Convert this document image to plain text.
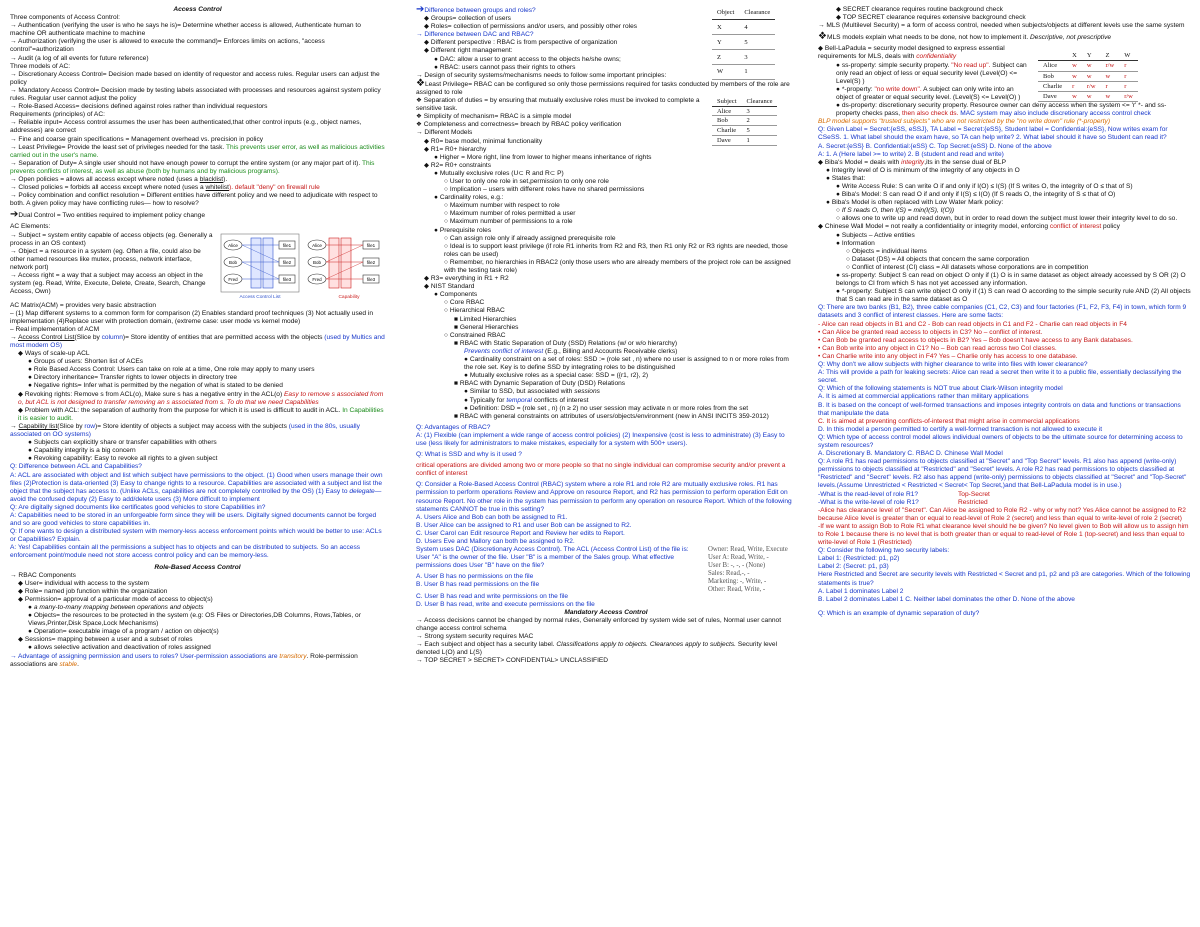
Access Control

Three components of Access Control:

→ Authentication (verifying the user is who he says he is)= Determine whether access is allowed, Authenticate human to machine OR authenticate machine to machine

→ Authorization (verifying the user is allowed to execute the command)= Enforces limits on actions, "access control"=authorization

→ Audit (a log of all events for future reference)

Three models of AC:

→ Discretionary Access Control= Decision made based on identity of requestor and access rules. Regular users can adjust the policy

→ Mandatory Access Control= Decision made by testing labels associated with processes and resources against system policy rules. Regular user cannot adjust the policy

→ Role-Based Access= decisions defined against roles rather than individual requestors

Requirements (principles) of AC:

→ Reliable input= Access control assumes the user has been authenticated,that other control inputs (e.g., object names, addresses) are correct

→ Fine and coarse grain specifications = Management overhead vs. precision in policy

→ Least Privilege= Provide the least set of privileges needed for the task. This prevents user error, as well as malicious activities carried out in the user's name.

→ Separation of Duty= A single user should not have enough power to corrupt the entire system (or any major part of it). This prevents conflicts of interest, as well as abuse (both by humans and by malicious programs).

→ Open policies = allows all access except where noted (uses a blacklist).

→ Closed policies = forbids all access except where noted (uses a whitelist). default "deny" on firewall rule

→ Policy combination and conflict resolution = Different entities have different policy and we need to adjudicate with respect to both. A given policy may have conflicting rules— how to resolve?

➔Dual Control = Two entities required to implement policy change

AC Elements:

→ Subject = system entity capable of access objects (eg. Generally a process in an OS context)

→ Object = a resource in a system (eg. Often a file, could also be other named resources like mutex, process, network interface, network port)

→ Access right = a way that a subject may access an object in the system (eg. Read, Write, Execute, Delete, Create, Search, Change Access, Own)

Alice
Bob
Fred
file1
file2
file3
Access Control List
Alice
Bob
Fred
file1
file2
file3
Capability

AC Matrix(ACM) = provides very basic abstraction

– (1) Map different systems to a common form for comparison (2) Enables standard proof techniques (3) Not actually used in implementation (4)Replace user with protection domain, (extreme case: user mode vs kernel mode)

– Real implementation of ACM

→ Access Control List(Slice by column)= Store identity of entities that are permitted access with the objects (used by Multics and most modern OS)

◆ Ways of scale-up ACL

● Groups of users: Shorten list of ACEs

● Role Based Access Control: Users can take on role at a time, One role may apply to many users

● Directory inheritance= Transfer rights to lower objects in directory tree

● Negative rights= Infer what is permitted by the negation of what is stated to be denied

◆ Revoking rights: Remove s from ACL(o), Make sure s has a negative entry in the ACL(o) Easy to remove s associated from o, but ACL is not designed to transfer removing an s associated from s. To do that we need Capabilities

◆ Problem with ACL: the separation of authority from the purpose for which it is used is difficult to audit in ACL. In Capabilities it is easier to audit.

→ Capability list(Slice by row)= Store identity of objects a subject may access with the subjects (used in the 80s, usually associated on OO systems)

● Subjects can explicitly share or transfer capabilities with others

● Capability integrity is a big concern

● Revoking capability: Easy to revoke all rights to a given subject

Q: Difference between ACL and Capabilities?

A: ACL are associated with object and list which subject have permissions to the object. (1) Good when users manage their own files (2)Protection is data-oriented (3) Easy to change rights to a resource. Capabilities are associated with a subject and list the object that the subject has access to. (Unlike ACLs, capabilities are not completely controlled by the OS) (1) Easy to delegate—avoid the confused deputy (2) Easy to add/delete users (3) More difficult to implement

Q: Are digitally signed documents like certificates good vehicles to store Capabilities in?

A: Capabilities need to be stored in an unforgeable form since they will be users. Digitally signed documents cannot be forged and so are good vehicles to store capabilities in.

Q: If one wants to design a distributed system with memory-less access enforcement points which would be better to use: ACLs or Capabilities? Explain.

A: Yes! Capabilities contain all the permissions a subject has to objects and can be distributed to subjects. So an access enforcement point/module need not store access control policy and can be memory-less.

Role-Based Access Control

→ RBAC Components

◆ User= individual with access to the system

◆ Role= named job function within the organization

◆ Permission= approval of a particular mode of access to object(s)

● a many-to-many mapping between operations and objects

● Objects= the resources to be protected in the system (e.g: OS Files or Directories,DB Columns, Rows,Tables, or Views,Printer,Disk Space,Lock Mechanisms)

● Operation= executable image of a program / action on object(s)

◆ Sessions= mapping between a user and a subset of roles

● allows selective activation and deactivation of roles assigned

→ Advantage of assigning permission and users to roles? User-permission associations are transitory. Role-permission associations are stable.

➔Difference between groups and roles?

◆ Groups= collection of users

◆ Roles= collection of permissions and/or users, and possibly other roles

→ Difference between DAC and RBAC?

◆ Different perspective : RBAC is from perspective of organization

◆ Different right management:

● DAC: allow a user to grant access to the objects he/she owns;

● RBAC: users cannot pass their rights to others

→ Design of security systems/mechanisms needs to follow some important principles:

Object	Clearance
X	4
Y	5
Z	3
W	1

❖Least Privilege= RBAC can be configured so only those permissions required for tasks conducted by members of the role are assigned to role

❖ Separation of duties = by ensuring that mutually exclusive roles must be invoked to complete a sensitive task.

❖ Simplicity of mechanism= RBAC is a simple model

❖ Completeness and correctness= breach by RBAC policy verification

→ Different Models

◆ R0= base model, minimal functionality

Subject	Clearance
Alice	3
Bob	2
Charlie	5
Dave	1

◆ R1= R0+ hierarchy

● Higher = More right, line from lower to higher means inheritance of rights

◆ R2= R0+ constraints

● Mutually exclusive roles (U⊂ R and R⊂ P)

○ User to only one role in set,permission to only one role

○ Implication – users with different roles have no shared permissions

● Cardinality roles, e.g.:

○ Maximum number with respect to role

○ Maximum number of roles permitted a user

○ Maximum number of permissions to a role

● Prerequisite roles

○ Can assign role only if already assigned prerequisite role

○ Ideal is to support least privilege (if role R1 inherits from R2 and R3, then R1 only R2 or R3 rights are needed, those roles can be used)

○ Remember, no hierarchies in RBAC2 (only those users who are already members of the project role can be assigned with the testing task role)

◆ R3= everything in R1 + R2

◆ NIST Standard

● Components

○ Core RBAC

○ Hierarchical RBAC

■ Limited Hierarchies

■ General Hierarchies

○ Constrained RBAC

■ RBAC with Static Separation of Duty (SSD) Relations (w/ or w/o hierarchy)

Prevents conflict of interest (E.g., Billing and Accounts Receivable clerks)

● Cardinality constraint on a set of roles: SSD := (role set , n) where no user is assigned to n or more roles from the role set. Key is to define SSD by integrating roles to be distinguished

● Mutually exclusive roles as a special case: SSD = ({r1, r2}, 2)

■ RBAC with Dynamic Separation of Duty (DSD) Relations

● Similar to SSD, but associated with sessions

● Typically for temporal conflicts of interest

● Definition: DSD = (role set , n) (n ≥ 2) no user session may activate n or more roles from the set

■ RBAC with general constraints on attributes of users/objects/environment (new in ANSI INCITS 359-2012)

Q: Advantages of RBAC?

A: (1) Flexible (can implement a wide range of access control policies) (2) Inexpensive (cost is less to administrate) (3) Easy to use (less likely for administrators to make mistakes, especially for a system with 500+ users).

Q: What is SSD and why is it used ?

critical operations are divided among two or more people so that no single individual can compromise security and/or prevent a conflict of interest

Q: Consider a Role-Based Access Control (RBAC) system where a role R1 and role R2 are mutually exclusive roles. R1 has permission to perform operations Review and Approve on resource Report, and R2 has permission to perform operation Edit on resource Report. No other role in the system has permission to perform any operation on resource Report. Which of the following statements CANNOT be true in this setting?

A. Users Alice and Bob can both be assigned to R1.

B. User Alice can be assigned to R1 and user Bob can be assigned to R2.

C. User Carol can Edit resource Report and Review her edits to Report.

D. Users Eve and Mallory can both be assigned to R2.

System uses DAC (Discretionary Access Control). The ACL (Access Control List) of the file is: User "A" is the owner of the file. User "B" is a member of the Sales group. What effective permissions does User "B" have on the file?

A. User B has no permissions on the file

B. User B has read permissions on the file

C. User B has read and write permissions on the file

D. User B has read, write and execute permissions on the file

Owner: Read, Write, Execute

User A: Read, Write, -

User B: -, -, - (None)

Sales: Read,-, -

Marketing: -, Write, -

Other: Read, Write, -

Mandatory Access Control

→ Access decisions cannot be changed by normal rules, Generally enforced by system wide set of rules, Normal user cannot change access control schema

→ Strong system security requires MAC

→ Each subject and object has a security label. Classifications apply to objects. Clearances apply to subjects. Security level denoted L(O) and L(S)

→ TOP SECRET > SECRET> CONFIDENTIAL> UNCLASSIFIED

◆ SECRET clearance requires routine background check

◆ TOP SECRET clearance requires extensive background check

→ MLS (Multilevel Security) = a form of access control, needed when subjects/objects at different levels use the same system

❖MLS models explain what needs to be done, not how to implement it. Descriptive, not prescriptive

◆ Bell-LaPadula = security model designed to express essential requirements for MLS, deals with confidentiality

● ss-property: simple security property. "No read up". Subject can only read an object of less or equal security level (Level(O) <= Level(S) )

● *-property: "no write down". A subject can only write into an object of greater or equal security level. (Level(S) <= Level(O) )

	X	Y	Z	W
Alice	w	w	r/w	r
Bob	w	w	w	r
Charlie	r	r/w	r	r
Dave	w	w	w	r/w

● ds-property: discretionary security property. Resource owner can deny access when the system <= 'r' *- and ss- property checks pass, then also check ds. MAC system may also include discretionary access control check

BLP model supports "trusted subjects" who are not restricted by the "no write down" rule (*-property)

Q: Given Label = Secret:{eSS, eSSJ}, TA Label = Secret:{eSS}, Student label = Confidential:{eSS}, Now writes exam for CSeSS. 1. What label should the exam have, so TA can help write? 2. What label should it have so Student can read it?

A. Secret:{eSS} B. Confidential:{eSS} C. Top Secret:{eSS} D. None of the above

A: 1. A (Here label >= to write) 2. B (student and read and write)

◆ Biba's Model = deals with integrity,its in the sense dual of BLP

● Integrity level of O is minimum of the integrity of any objects in O

● States that:

● Write Access Rule: S can write O if and only if I(O) ≤ I(S) (If S writes O, the integrity of O ≤ that of S)

● Biba's Model: S can read O if and only if I(S) ≤ I(O) (If S reads O, the integrity of S ≤ that of O)

● Biba's Model is often replaced with Low Water Mark policy:

○ If S reads O, then I(S) = min(I(S), I(O))

○ allows one to write up and read down, but in order to read down the subject must lower their integrity level to do so.

◆ Chinese Wall Model = not really a confidentiality or integrity model, enforcing conflict of interest policy

● Subjects – Active entities

● Information

○ Objects = individual items

○ Dataset (DS) = All objects that concern the same corporation

○ Conflict of interest (CI) class = All datasets whose corporations are in competition

● ss-property: Subject S can read on object O only if (1) O is in same dataset as object already accessed by S OR (2) O belongs to CI from which S has not yet accessed any information.

● *-property: Subject S can write object O only if (1) S can read O according to the simple security rule AND (2) All objects that S can read are in the same dataset as O

Q: There are two banks (B1, B2), three cable companies (C1, C2, C3) and four factories (F1, F2, F3, F4) in town, which form 9 datasets and 3 conflict of interest classes. Here are some facts:

- Alice can read objects in B1 and C2 - Bob can read objects in C1 and F2 - Charlie can read objects in F4

• Can Alice be granted read access to objects in C3? No – conflict of interest.

• Can Bob be granted read access to objects in B2? Yes – Bob doesn't have access to any Bank databases.

• Can Bob write into any object in C1? No – Bob can read across two CoI classes.

• Can Charlie write into any object in F4? Yes – Charlie only has access to one database.

Q: Why don't we allow subjects with higher clearance to write into files with lower clearance?

A: This will provide a path for leaking secrets: Alice can read a secret then write it to a public file, essentially declassifying the secret.

Q: Which of the following statements is NOT true about Clark-Wilson integrity model

A. It is aimed at commercial applications rather than military applications

B. It is based on the concept of well-formed transactions and imposes integrity controls on data and functions or transactions that manipulate the data

C. It is aimed at preventing conflicts-of-interest that might arise in commercial applications

D. In this model a person permitted to certify a well-formed transaction is not allowed to execute it

Q: Which type of access control model allows individual owners of objects to be the ultimate source for determining access to system resources?

A. Discretionary B. Mandatory C. RBAC D. Chinese Wall Model

Q: A role R1 has read permissions to objects classified at "Secret" and "Top Secret" levels. R1 also has append (write-only) permissions to objects classified at "Restricted" and "Secret" levels. A role R2 has read permissions to objects classified at "Restricted" and "Secret" levels. R2 also has append (write-only) permissions to objects classified at "Secret" and "Top-Secret" levels.(Assume Unrestricted < Restricted < Secret< Top Secret,)and that Bell-LaPadula model is in use.)

-What is the read-level of role R1?	Top-Secret

-What is the write-level of role R1?	Restricted

-Alice has clearance level of "Secret". Can Alice be assigned to Role R2 - why or why not? Yes Alice cannot be assigned to R2 because Alice level is greater than or equal to read-level of Role 2 (secret) and less than equal to write-level of role 2 (secret)

-If we want to assign Bob to Role R1 what clearance level should he be given? No level given to Bob will allow us to assign him to Role 1 because there is no level that is both greater than or equal to read-level of Role 1 (top-secret) and less than equal to write-level of Role 1 (Restricted)

Q: Consider the following two security labels:

Label 1: (Restricted: p1, p2)

Label 2: (Secret: p1, p3)

Here Restricted and Secret are security levels with Restricted < Secret and p1, p2 and p3 are categories. Which of the following statements is true?

A. Label 1 dominates Label 2

B. Label 2 dominates Label 1 C. Neither label dominates the other D. None of the above

Q: Which is an example of dynamic separation of duty?
